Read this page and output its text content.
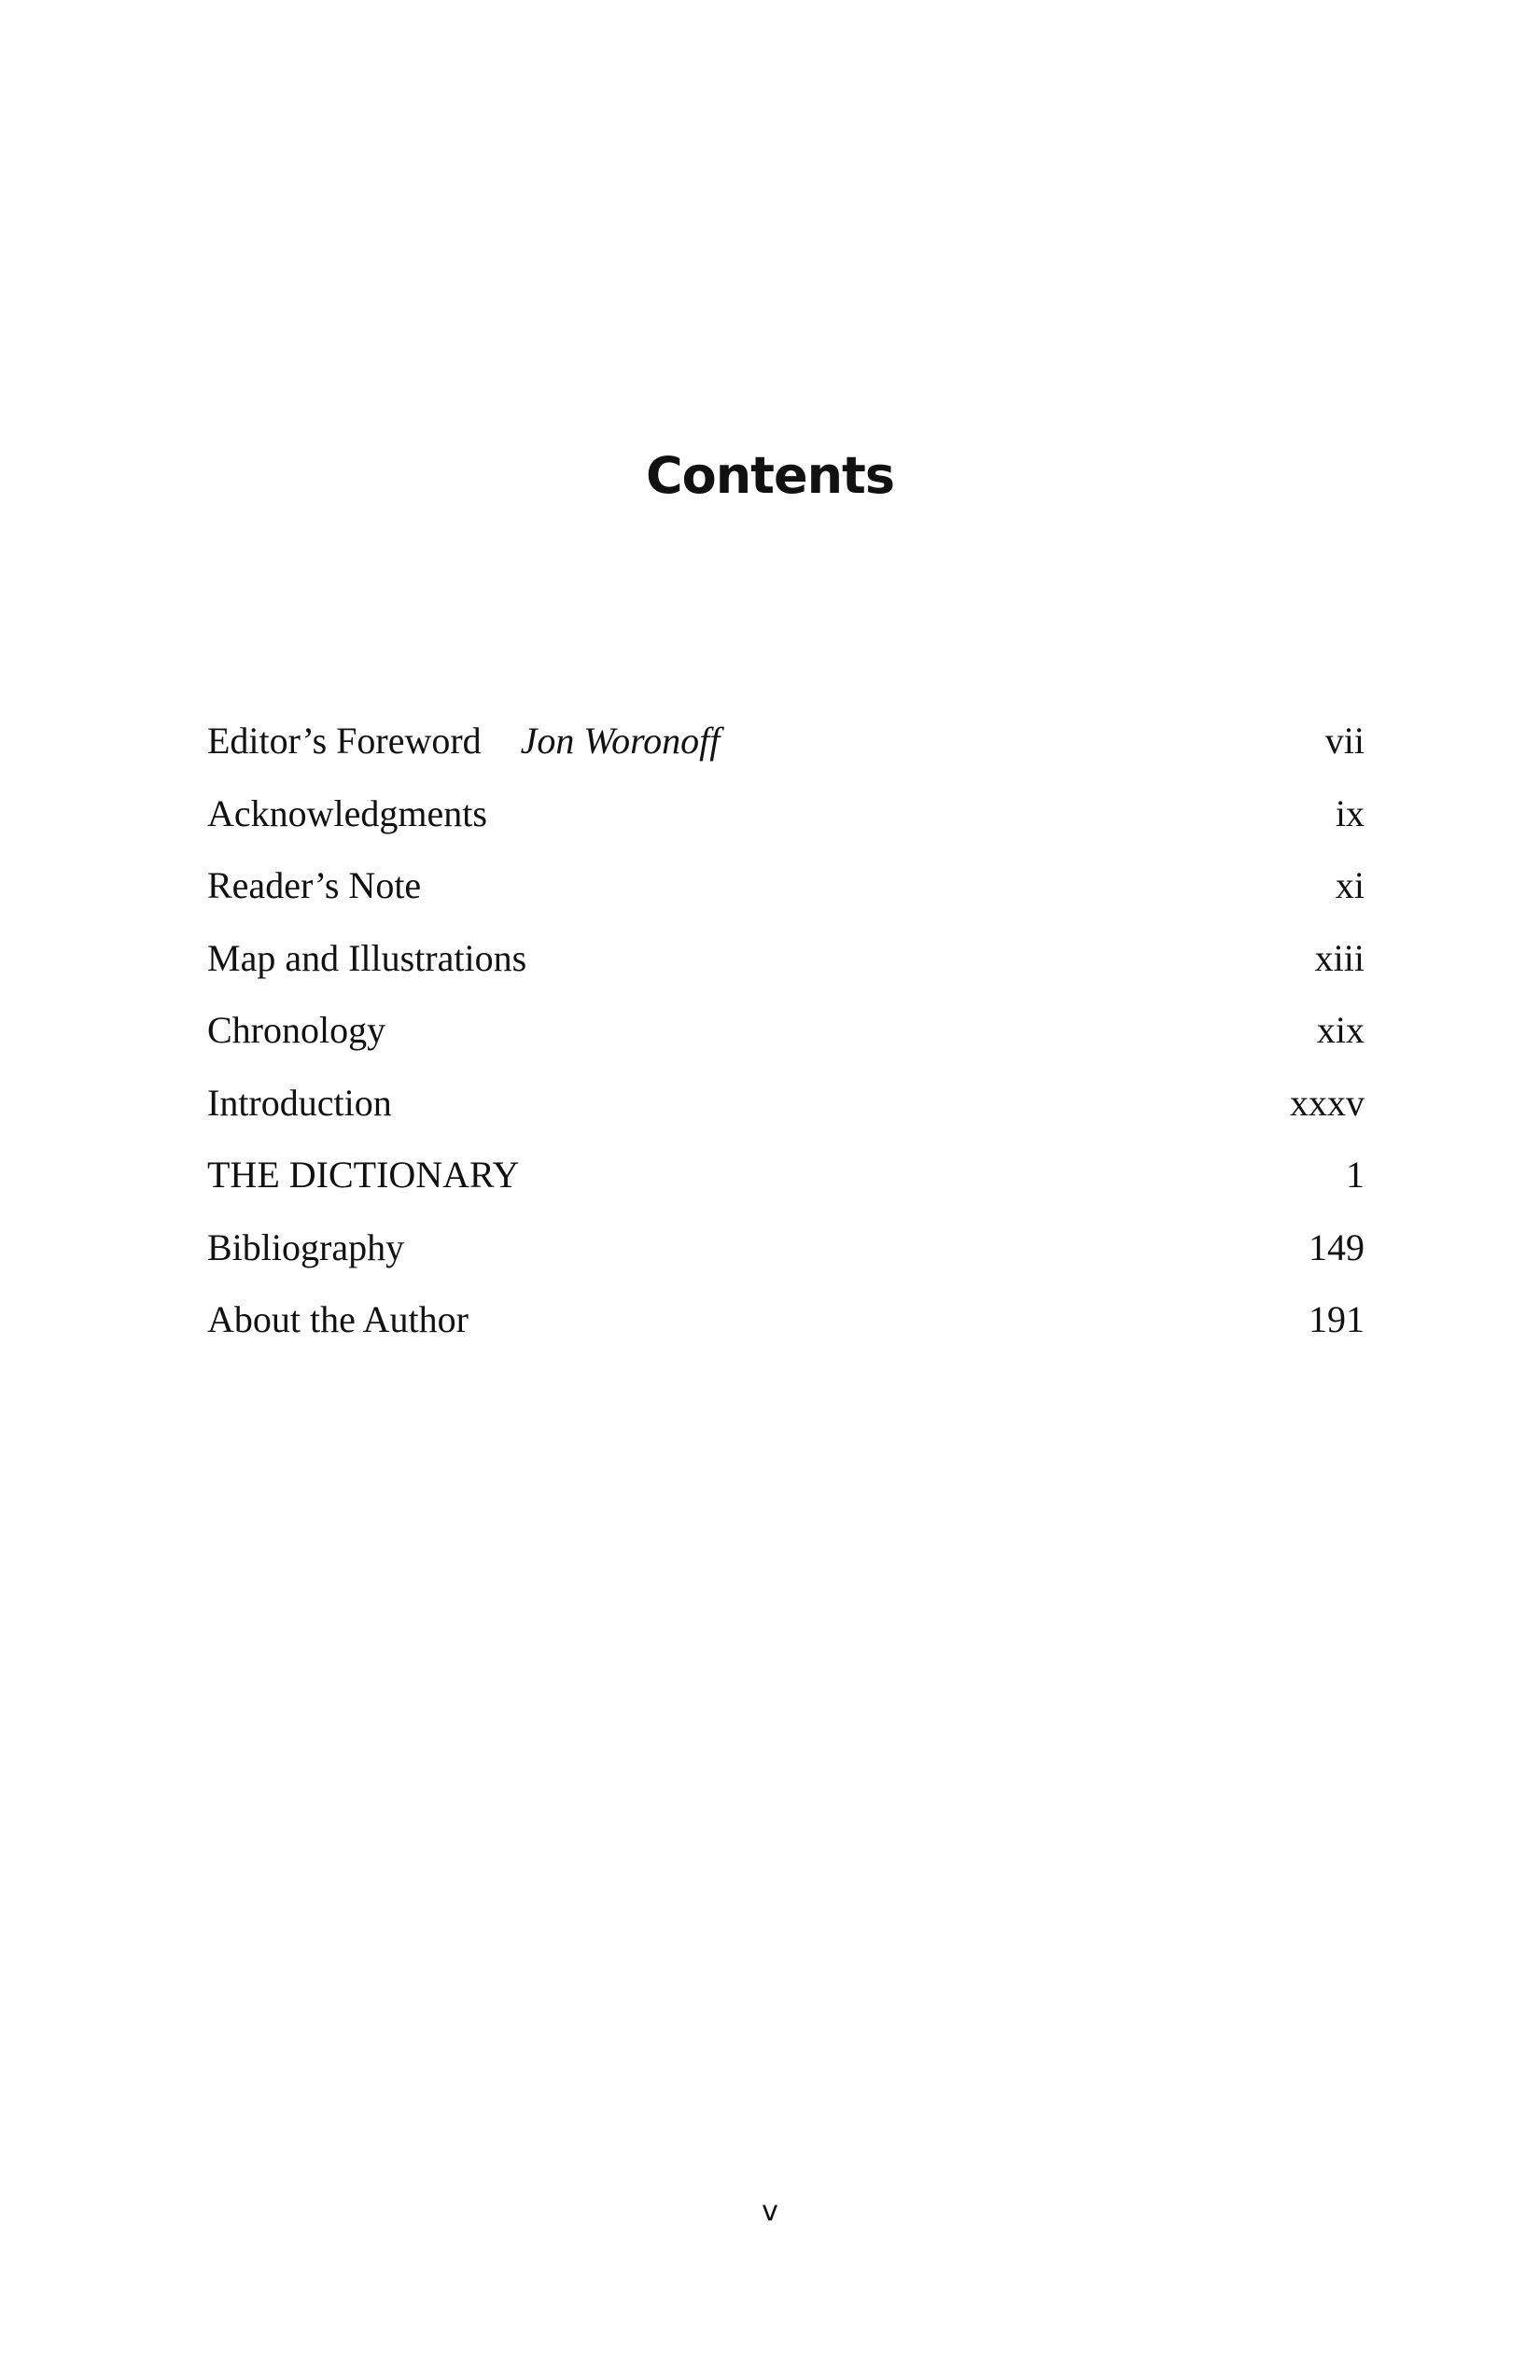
Contents
Editor’s Foreword Jon Woronoff	vii
Acknowledgments	ix
Reader’s Note	xi
Map and Illustrations	xiii
Chronology	xix
Introduction	xxxv
THE DICTIONARY	1
Bibliography	149
About the Author	191
v
